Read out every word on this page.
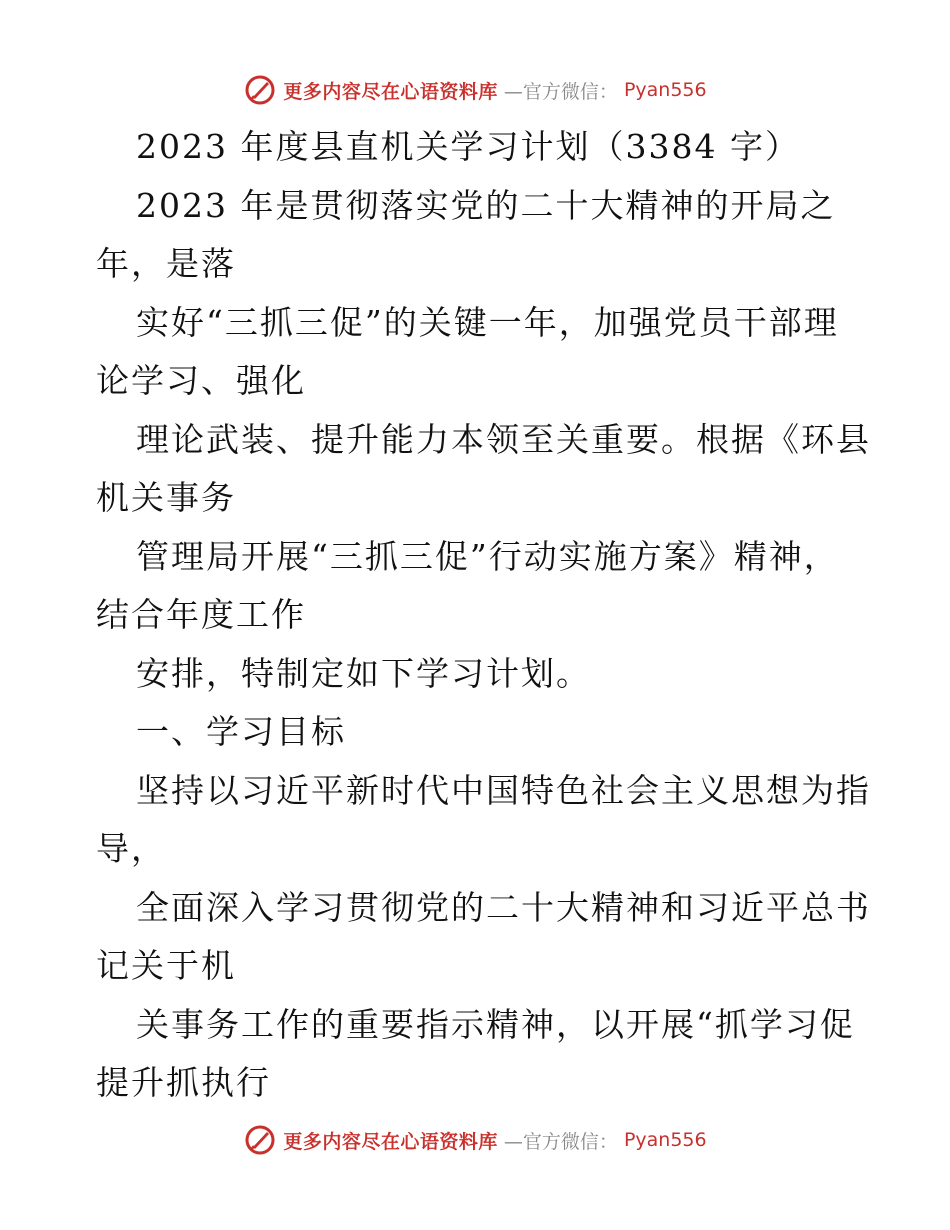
更多内容尽在心语资料库 —官方微信： Pyan556
2023 年度县直机关学习计划（3384 字）
2023 年是贯彻落实党的二十大精神的开局之
年，是落
实好“三抓三促”的关键一年，加强党员干部理
论学习、强化
理论武装、提升能力本领至关重要。根据《环县
机关事务
管理局开展“三抓三促”行动实施方案》精神，
结合年度工作
安排，特制定如下学习计划。
一、学习目标
坚持以习近平新时代中国特色社会主义思想为指
导，
全面深入学习贯彻党的二十大精神和习近平总书
记关于机
关事务工作的重要指示精神，以开展“抓学习促
提升抓执行
更多内容尽在心语资料库 —官方微信： Pyan556
